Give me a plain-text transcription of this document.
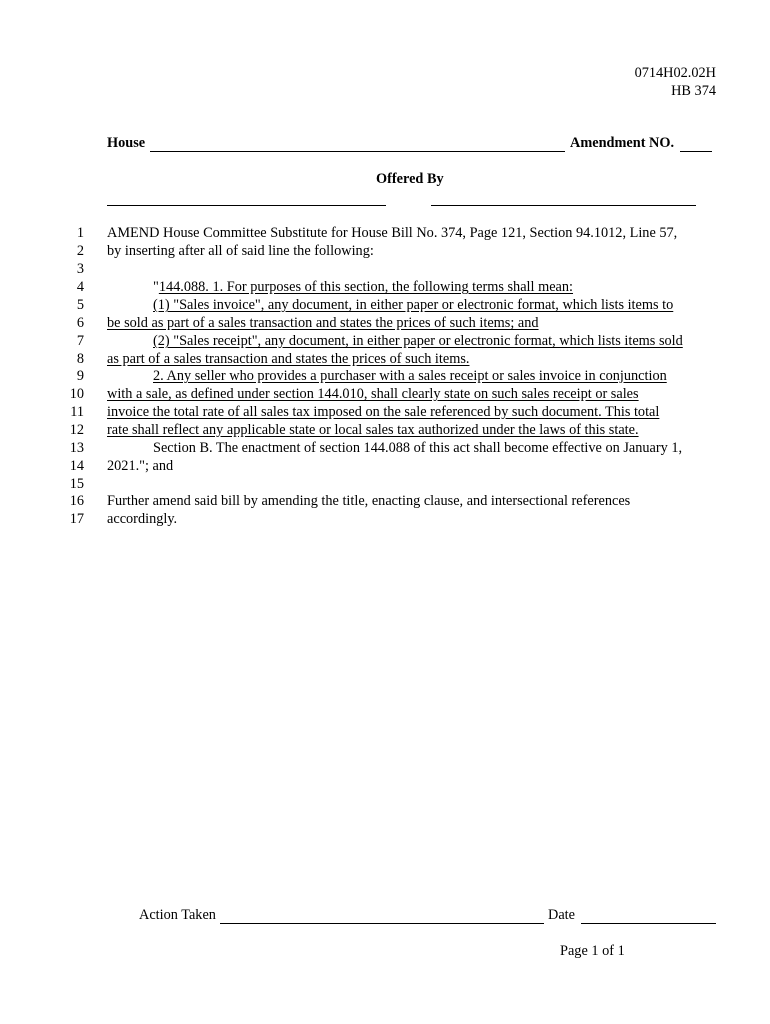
0714H02.02H
HB 374
House	Amendment NO.
Offered By
1
2
3
4
5
6
7
8
9
10
11
12
13
14
15
16
17
AMEND House Committee Substitute for House Bill No. 374, Page 121, Section 94.1012, Line 57,
by inserting after all of said line the following:
"144.088. 1. For purposes of this section, the following terms shall mean:
(1) "Sales invoice", any document, in either paper or electronic format, which lists items to
be sold as part of a sales transaction and states the prices of such items; and
(2) "Sales receipt", any document, in either paper or electronic format, which lists items sold
as part of a sales transaction and states the prices of such items.
2. Any seller who provides a purchaser with a sales receipt or sales invoice in conjunction
with a sale, as defined under section 144.010, shall clearly state on such sales receipt or sales
invoice the total rate of all sales tax imposed on the sale referenced by such document. This total
rate shall reflect any applicable state or local sales tax authorized under the laws of this state.
Section B. The enactment of section 144.088 of this act shall become effective on January 1,
2021."; and
Further amend said bill by amending the title, enacting clause, and intersectional references
accordingly.
Action Taken	Date
Page 1 of 1
